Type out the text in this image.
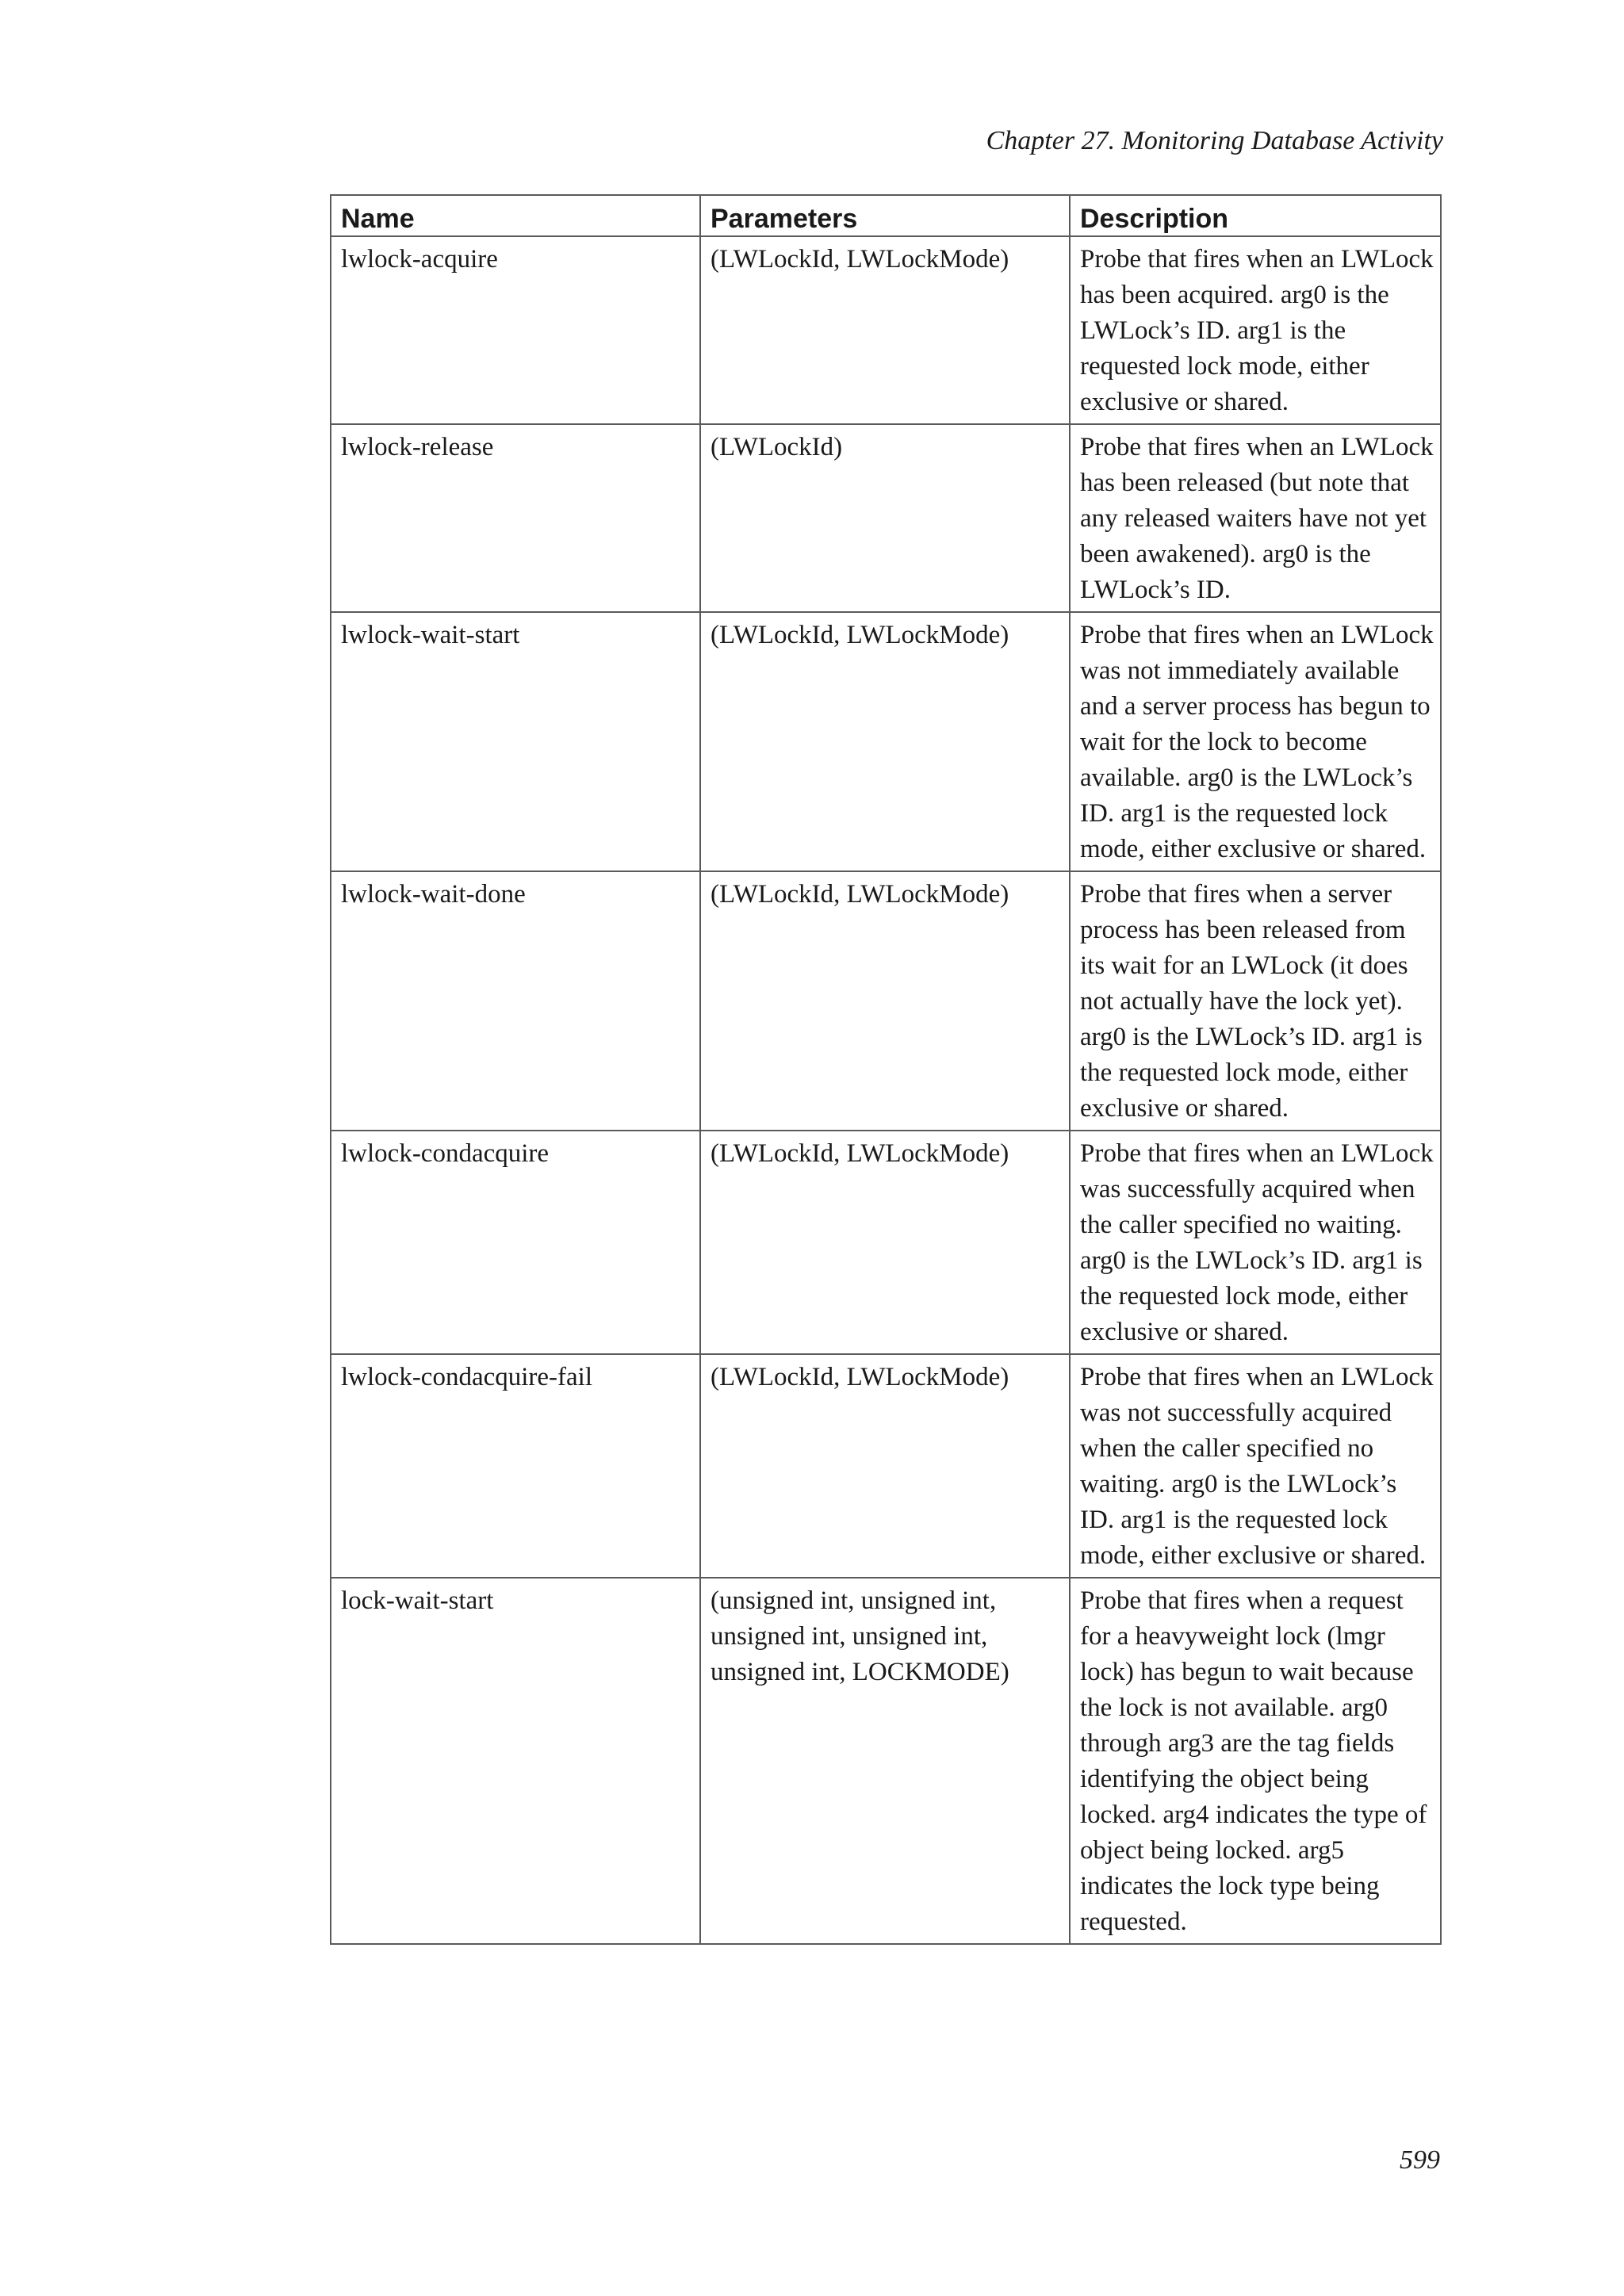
Chapter 27. Monitoring Database Activity
Name	Parameters	Description
lwlock-acquire	(LWLockId, LWLockMode)	Probe that fires when an LWLock has been acquired. arg0 is the LWLock’s ID. arg1 is the requested lock mode, either exclusive or shared.
lwlock-release	(LWLockId)	Probe that fires when an LWLock has been released (but note that any released waiters have not yet been awakened). arg0 is the LWLock’s ID.
lwlock-wait-start	(LWLockId, LWLockMode)	Probe that fires when an LWLock was not immediately available and a server process has begun to wait for the lock to become available. arg0 is the LWLock’s ID. arg1 is the requested lock mode, either exclusive or shared.
lwlock-wait-done	(LWLockId, LWLockMode)	Probe that fires when a server process has been released from its wait for an LWLock (it does not actually have the lock yet). arg0 is the LWLock’s ID. arg1 is the requested lock mode, either exclusive or shared.
lwlock-condacquire	(LWLockId, LWLockMode)	Probe that fires when an LWLock was successfully acquired when the caller specified no waiting. arg0 is the LWLock’s ID. arg1 is the requested lock mode, either exclusive or shared.
lwlock-condacquire-fail	(LWLockId, LWLockMode)	Probe that fires when an LWLock was not successfully acquired when the caller specified no waiting. arg0 is the LWLock’s ID. arg1 is the requested lock mode, either exclusive or shared.
lock-wait-start	(unsigned int, unsigned int, unsigned int, unsigned int, unsigned int, LOCKMODE)	Probe that fires when a request for a heavyweight lock (lmgr lock) has begun to wait because the lock is not available. arg0 through arg3 are the tag fields identifying the object being locked. arg4 indicates the type of object being locked. arg5 indicates the lock type being requested.
599
